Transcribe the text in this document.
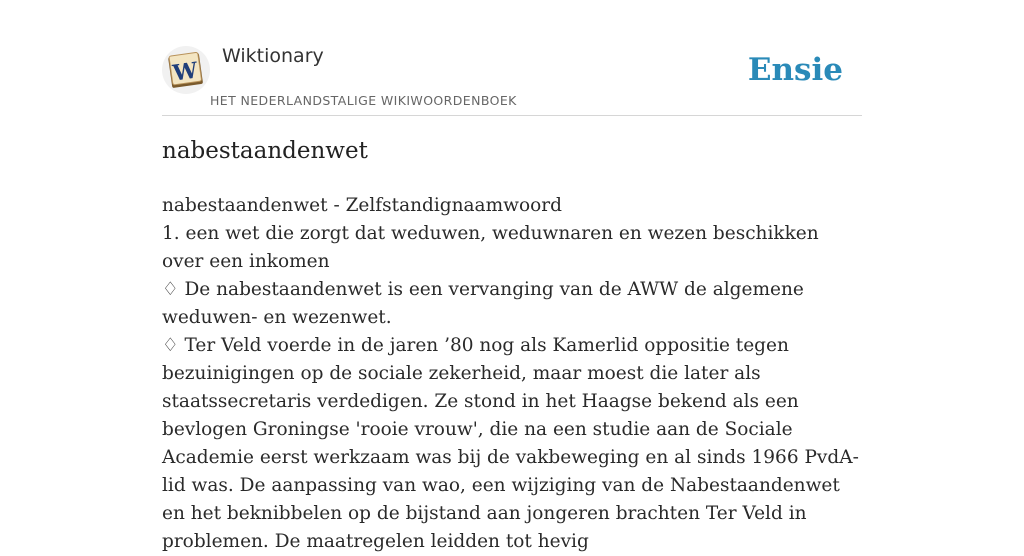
W
Wiktionary
HET NEDERLANDSTALIGE WIKIWOORDENBOEK
Ensie
nabestaandenwet

nabestaandenwet - Zelfstandignaamwoord

1. een wet die zorgt dat weduwen, weduwnaren en wezen beschikken over een inkomen

♢ De nabestaandenwet is een vervanging van de AWW de algemene weduwen- en wezenwet.

♢ Ter Veld voerde in de jaren ’80 nog als Kamerlid oppositie tegen bezuinigingen op de sociale zekerheid, maar moest die later als staatssecretaris verdedigen. Ze stond in het Haagse bekend als een bevlogen Groningse 'rooie vrouw', die na een studie aan de Sociale Academie eerst werkzaam was bij de vakbeweging en al sinds 1966 PvdA-lid was. De aanpassing van wao, een wijziging van de Nabestaandenwet en het beknibbelen op de bijstand aan jongeren brachten Ter Veld in problemen. De maatregelen leidden tot hevig
